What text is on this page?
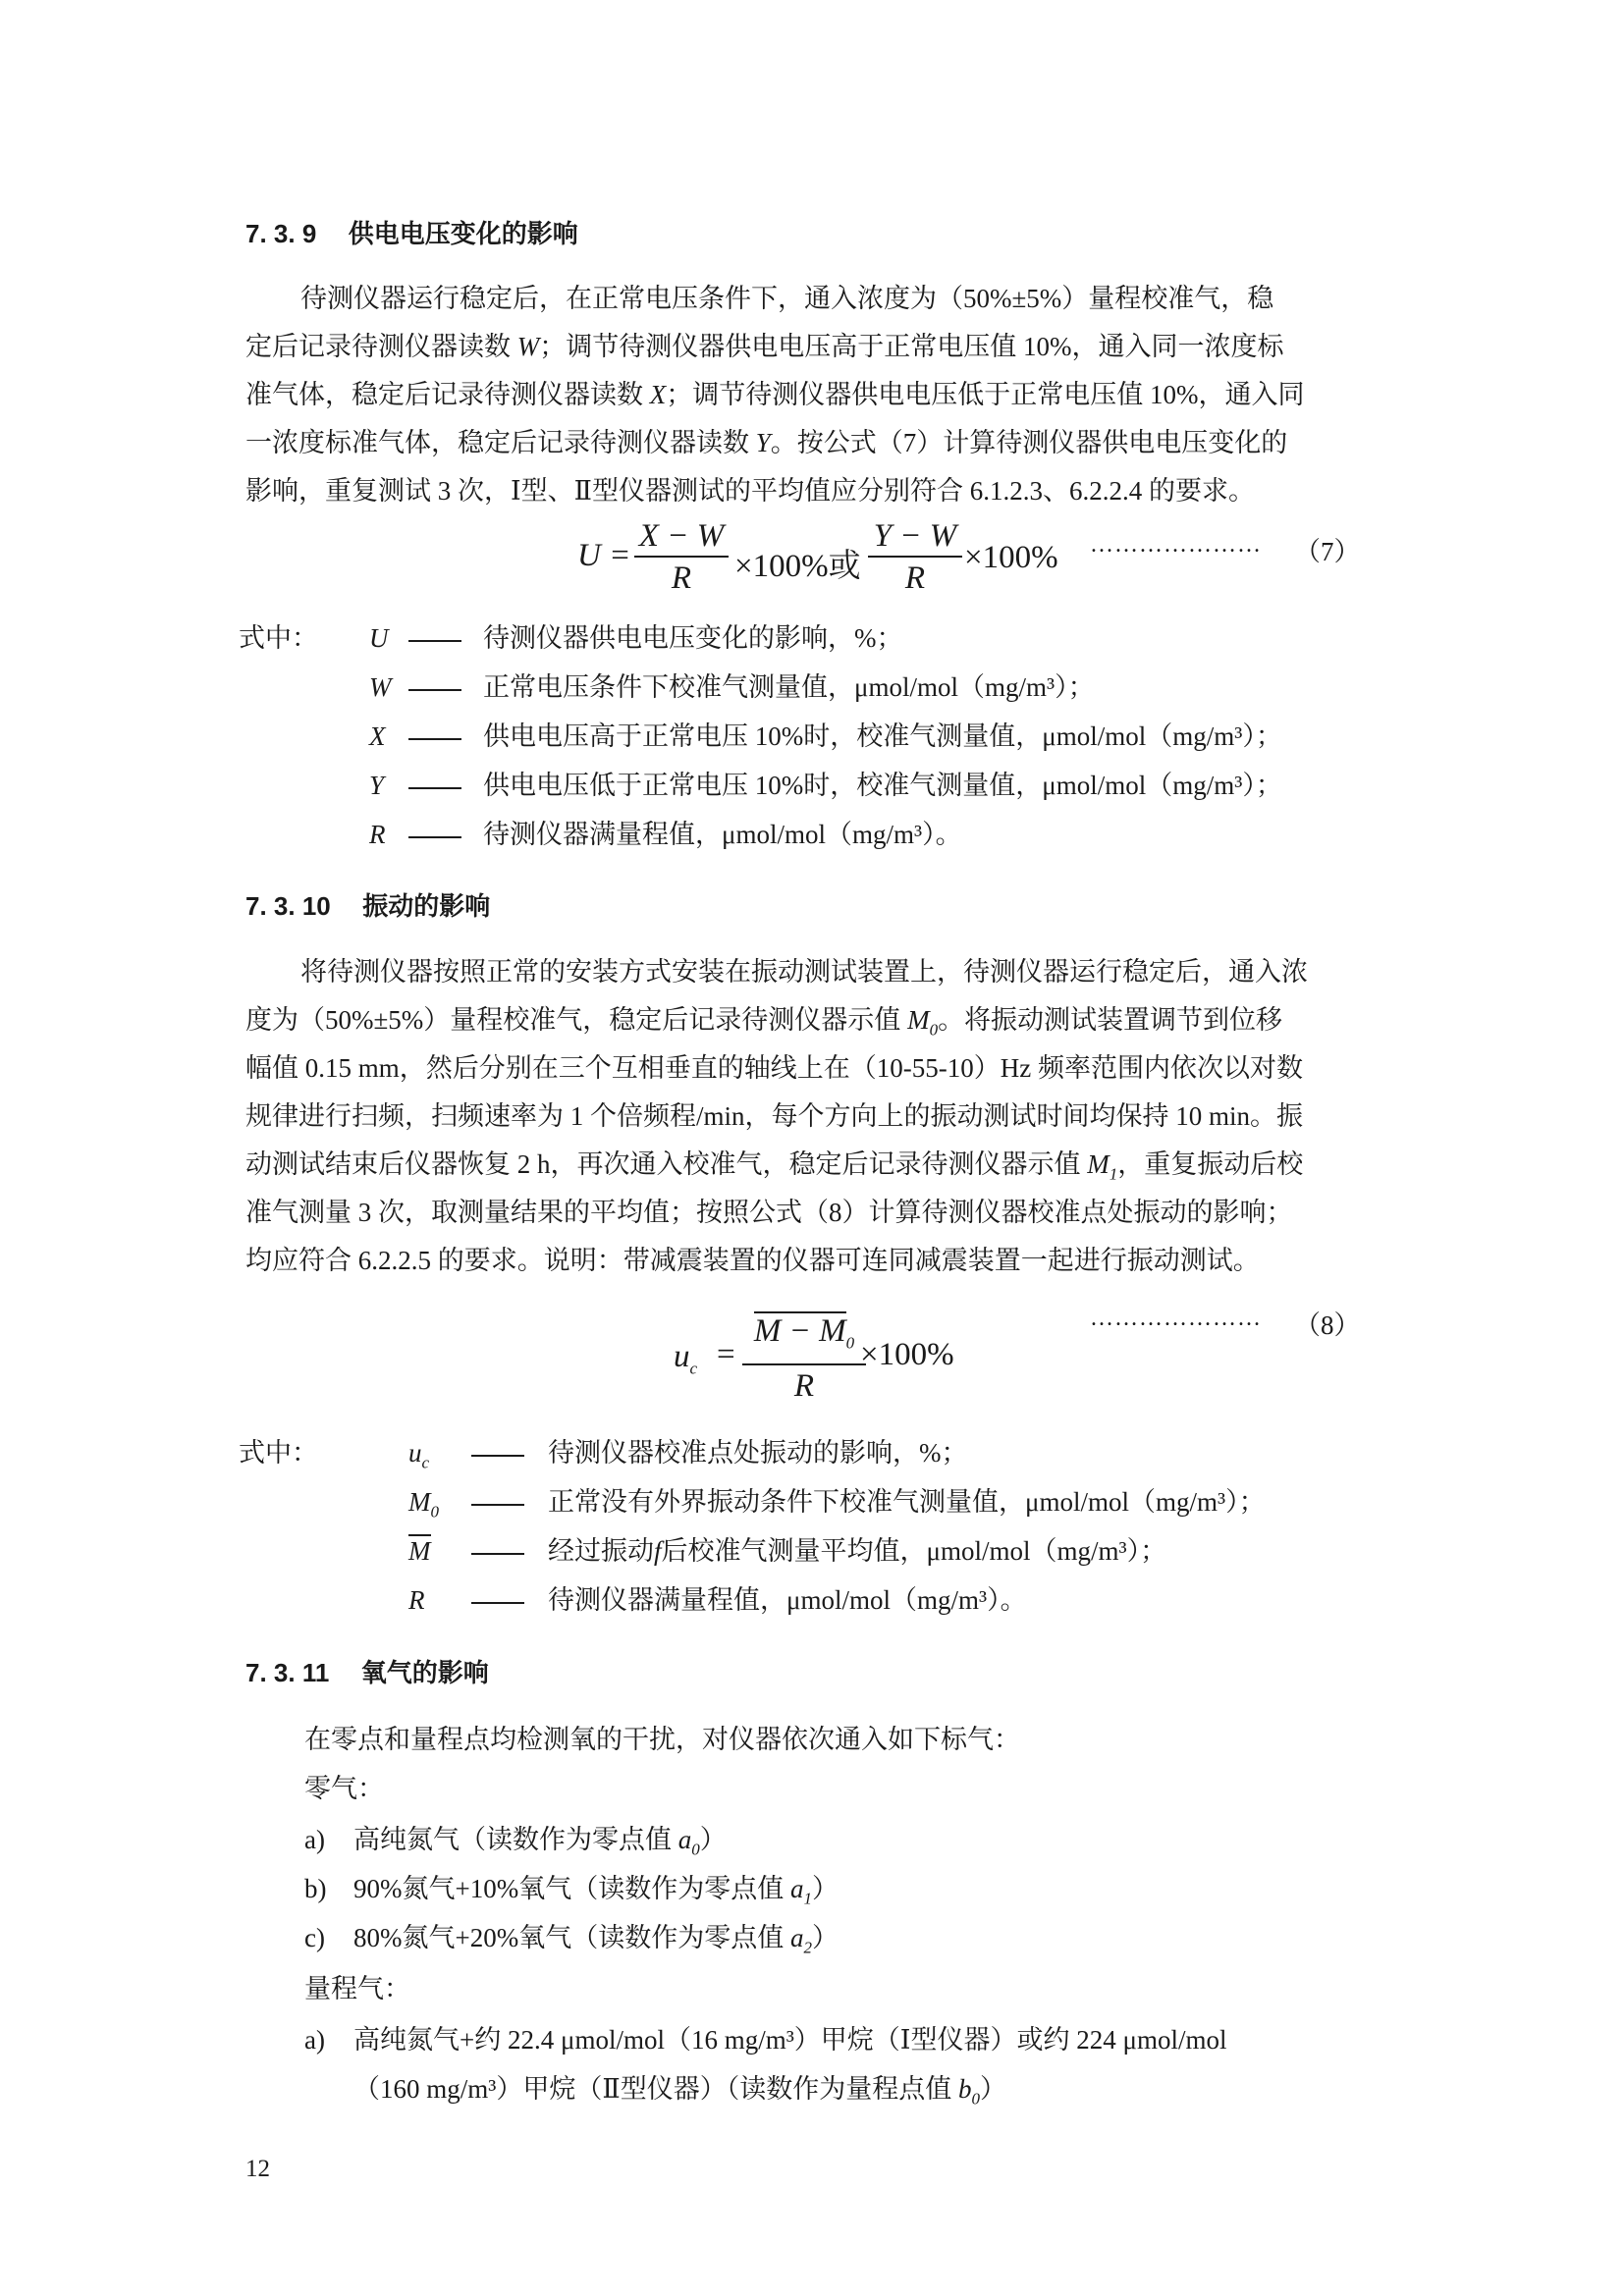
7. 3. 9 供电电压变化的影响
待测仪器运行稳定后，在正常电压条件下，通入浓度为（50%±5%）量程校准气，稳
定后记录待测仪器读数 W；调节待测仪器供电电压高于正常电压值 10%，通入同一浓度标
准气体，稳定后记录待测仪器读数 X；调节待测仪器供电电压低于正常电压值 10%，通入同
一浓度标准气体，稳定后记录待测仪器读数 Y。按公式（7）计算待测仪器供电电压变化的
影响，重复测试 3 次，Ⅰ型、Ⅱ型仪器测试的平均值应分别符合 6.1.2.3、6.2.2.4 的要求。
U =
X − W
R	×100%或
Y − W
R
×100% ………………… （7）
式中： U	待测仪器供电电压变化的影响，%；
W	正常电压条件下校准气测量值，μmol/mol（mg/m³）；
X	供电电压高于正常电压 10%时，校准气测量值，μmol/mol（mg/m³）；
Y	供电电压低于正常电压 10%时，校准气测量值，μmol/mol（mg/m³）；
R	待测仪器满量程值，μmol/mol（mg/m³）。
7. 3. 10 振动的影响
将待测仪器按照正常的安装方式安装在振动测试装置上，待测仪器运行稳定后，通入浓
度为（50%±5%）量程校准气，稳定后记录待测仪器示值 $M_0$。将振动测试装置调节到位移
幅值 0.15 mm，然后分别在三个互相垂直的轴线上在（10-55-10）Hz 频率范围内依次以对数
规律进行扫频，扫频速率为 1 个倍频程/min，每个方向上的振动测试时间均保持 10 min。振
动测试结束后仪器恢复 2 h，再次通入校准气，稳定后记录待测仪器示值 $M_1$，重复振动后校
准气测量 3 次，取测量结果的平均值；按照公式（8）计算待测仪器校准点处振动的影响；
均应符合 6.2.2.5 的要求。说明：带减震装置的仪器可连同减震装置一起进行振动测试。
………………… （8）
$u_c$ =
$M - M_0$
R
×100%
式中：	$u_c$	待测仪器校准点处振动的影响，%；
$M_0$	正常没有外界振动条件下校准气测量值，μmol/mol（mg/m³）；
M	经过振动f后校准气测量平均值，μmol/mol（mg/m³）；
R	待测仪器满量程值，μmol/mol（mg/m³）。
7. 3. 11 氧气的影响
在零点和量程点均检测氧的干扰，对仪器依次通入如下标气：
零气：
a) 高纯氮气（读数作为零点值 $a_0$）
b) 90%氮气+10%氧气（读数作为零点值 $a_1$）
c) 80%氮气+20%氧气（读数作为零点值 $a_2$）
量程气：
a) 高纯氮气+约 22.4 μmol/mol（16 mg/m³）甲烷（Ⅰ型仪器）或约 224 μmol/mol
（160 mg/m³）甲烷（Ⅱ型仪器）（读数作为量程点值 $b_0$）
12
